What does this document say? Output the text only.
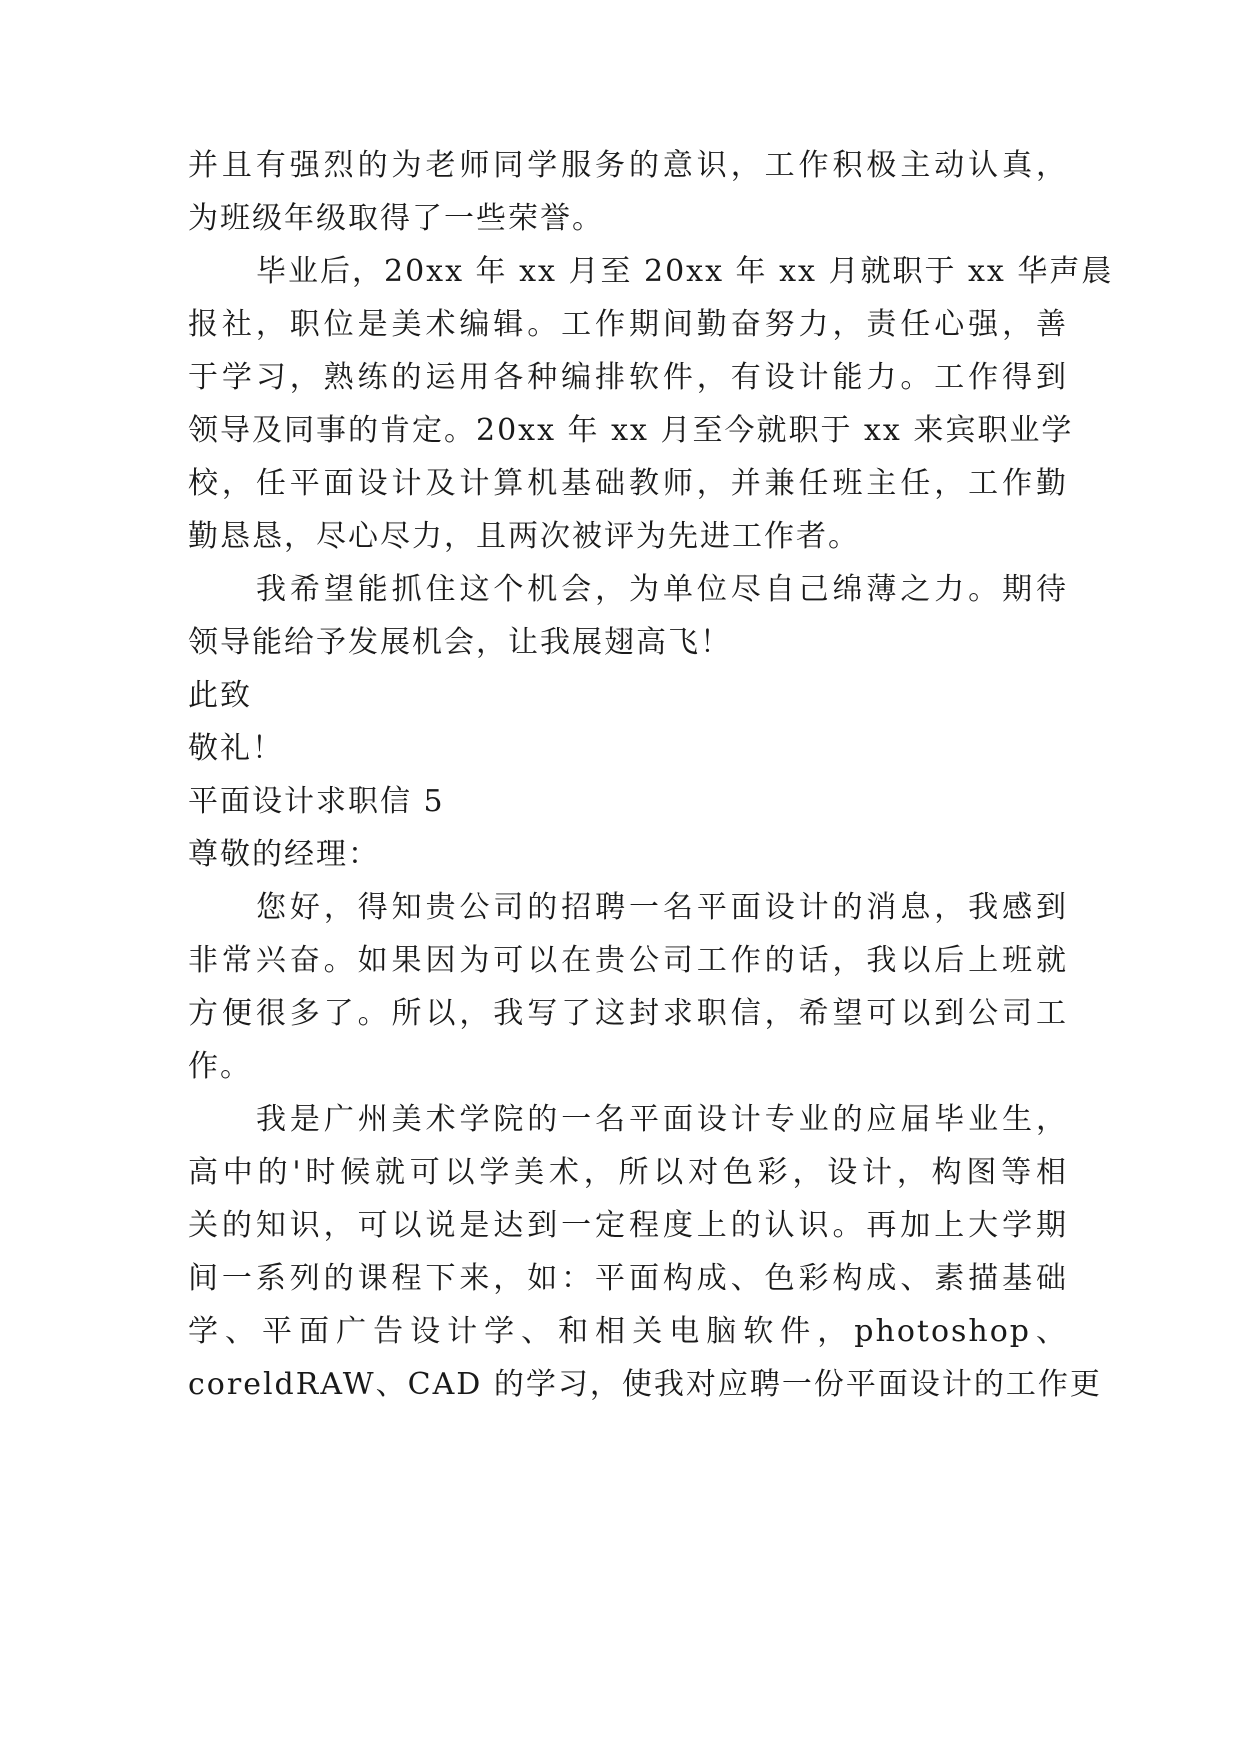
并且有强烈的为老师同学服务的意识，工作积极主动认真，
为班级年级取得了一些荣誉。
毕业后，20xx 年 xx 月至 20xx 年 xx 月就职于 xx 华声晨
报社，职位是美术编辑。工作期间勤奋努力，责任心强，善
于学习，熟练的运用各种编排软件，有设计能力。工作得到
领导及同事的肯定。20xx 年 xx 月至今就职于 xx 来宾职业学
校，任平面设计及计算机基础教师，并兼任班主任，工作勤
勤恳恳，尽心尽力，且两次被评为先进工作者。
我希望能抓住这个机会，为单位尽自己绵薄之力。期待
领导能给予发展机会，让我展翅高飞！
此致
敬礼！
平面设计求职信 5
尊敬的经理：
您好，得知贵公司的招聘一名平面设计的消息，我感到
非常兴奋。如果因为可以在贵公司工作的话，我以后上班就
方便很多了。所以，我写了这封求职信，希望可以到公司工
作。
我是广州美术学院的一名平面设计专业的应届毕业生，
高中的'时候就可以学美术，所以对色彩，设计，构图等相
关的知识，可以说是达到一定程度上的认识。再加上大学期
间一系列的课程下来，如：平面构成、色彩构成、素描基础
学、平面广告设计学、和相关电脑软件，photoshop、
coreldRAW、CAD 的学习，使我对应聘一份平面设计的工作更
